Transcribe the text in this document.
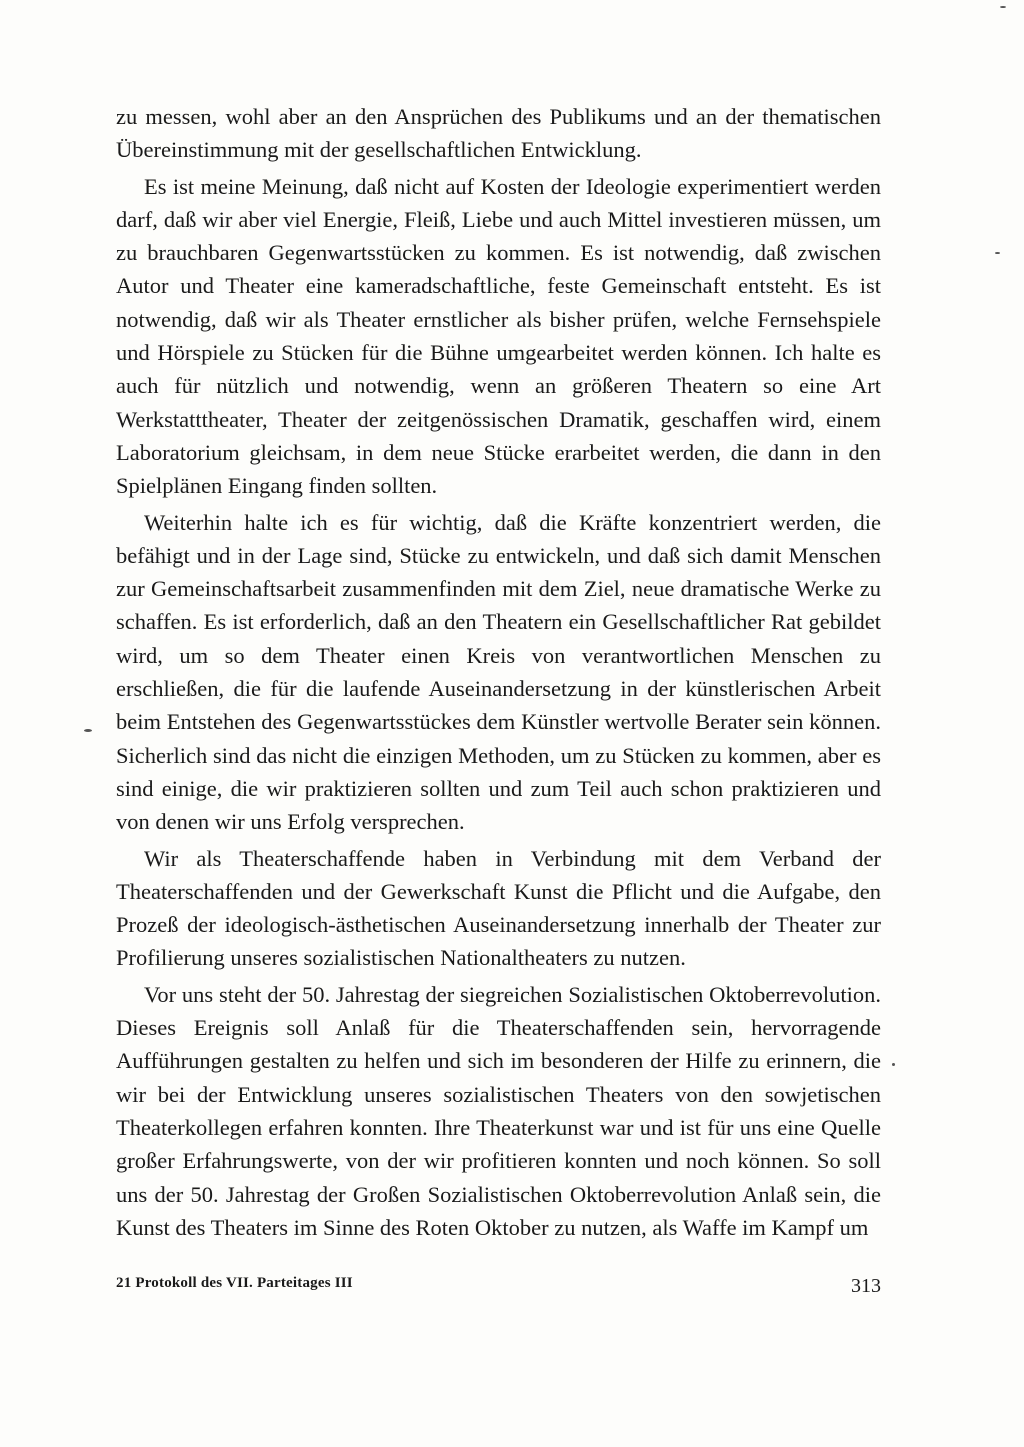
zu messen, wohl aber an den Ansprüchen des Publikums und an der thematischen Übereinstimmung mit der gesellschaftlichen Entwicklung.

Es ist meine Meinung, daß nicht auf Kosten der Ideologie experimentiert werden darf, daß wir aber viel Energie, Fleiß, Liebe und auch Mittel investieren müssen, um zu brauchbaren Gegenwartsstücken zu kommen. Es ist notwendig, daß zwischen Autor und Theater eine kameradschaftliche, feste Gemeinschaft entsteht. Es ist notwendig, daß wir als Theater ernstlicher als bisher prüfen, welche Fernsehspiele und Hörspiele zu Stücken für die Bühne umgearbeitet werden können. Ich halte es auch für nützlich und notwendig, wenn an größeren Theatern so eine Art Werkstatttheater, Theater der zeitgenössischen Dramatik, geschaffen wird, einem Laboratorium gleichsam, in dem neue Stücke erarbeitet werden, die dann in den Spielplänen Eingang finden sollten.

Weiterhin halte ich es für wichtig, daß die Kräfte konzentriert werden, die befähigt und in der Lage sind, Stücke zu entwickeln, und daß sich damit Menschen zur Gemeinschaftsarbeit zusammenfinden mit dem Ziel, neue dramatische Werke zu schaffen. Es ist erforderlich, daß an den Theatern ein Gesellschaftlicher Rat gebildet wird, um so dem Theater einen Kreis von verantwortlichen Menschen zu erschließen, die für die laufende Auseinandersetzung in der künstlerischen Arbeit beim Entstehen des Gegenwartsstückes dem Künstler wertvolle Berater sein können. Sicherlich sind das nicht die einzigen Methoden, um zu Stücken zu kommen, aber es sind einige, die wir praktizieren sollten und zum Teil auch schon praktizieren und von denen wir uns Erfolg versprechen.

Wir als Theaterschaffende haben in Verbindung mit dem Verband der Theaterschaffenden und der Gewerkschaft Kunst die Pflicht und die Aufgabe, den Prozeß der ideologisch-ästhetischen Auseinandersetzung innerhalb der Theater zur Profilierung unseres sozialistischen Nationaltheaters zu nutzen.

Vor uns steht der 50. Jahrestag der siegreichen Sozialistischen Oktoberrevolution. Dieses Ereignis soll Anlaß für die Theaterschaffenden sein, hervorragende Aufführungen gestalten zu helfen und sich im besonderen der Hilfe zu erinnern, die wir bei der Entwicklung unseres sozialistischen Theaters von den sowjetischen Theaterkollegen erfahren konnten. Ihre Theaterkunst war und ist für uns eine Quelle großer Erfahrungswerte, von der wir profitieren konnten und noch können. So soll uns der 50. Jahrestag der Großen Sozialistischen Oktoberrevolution Anlaß sein, die Kunst des Theaters im Sinne des Roten Oktober zu nutzen, als Waffe im Kampf um

21 Protokoll des VII. Parteitages III	313
